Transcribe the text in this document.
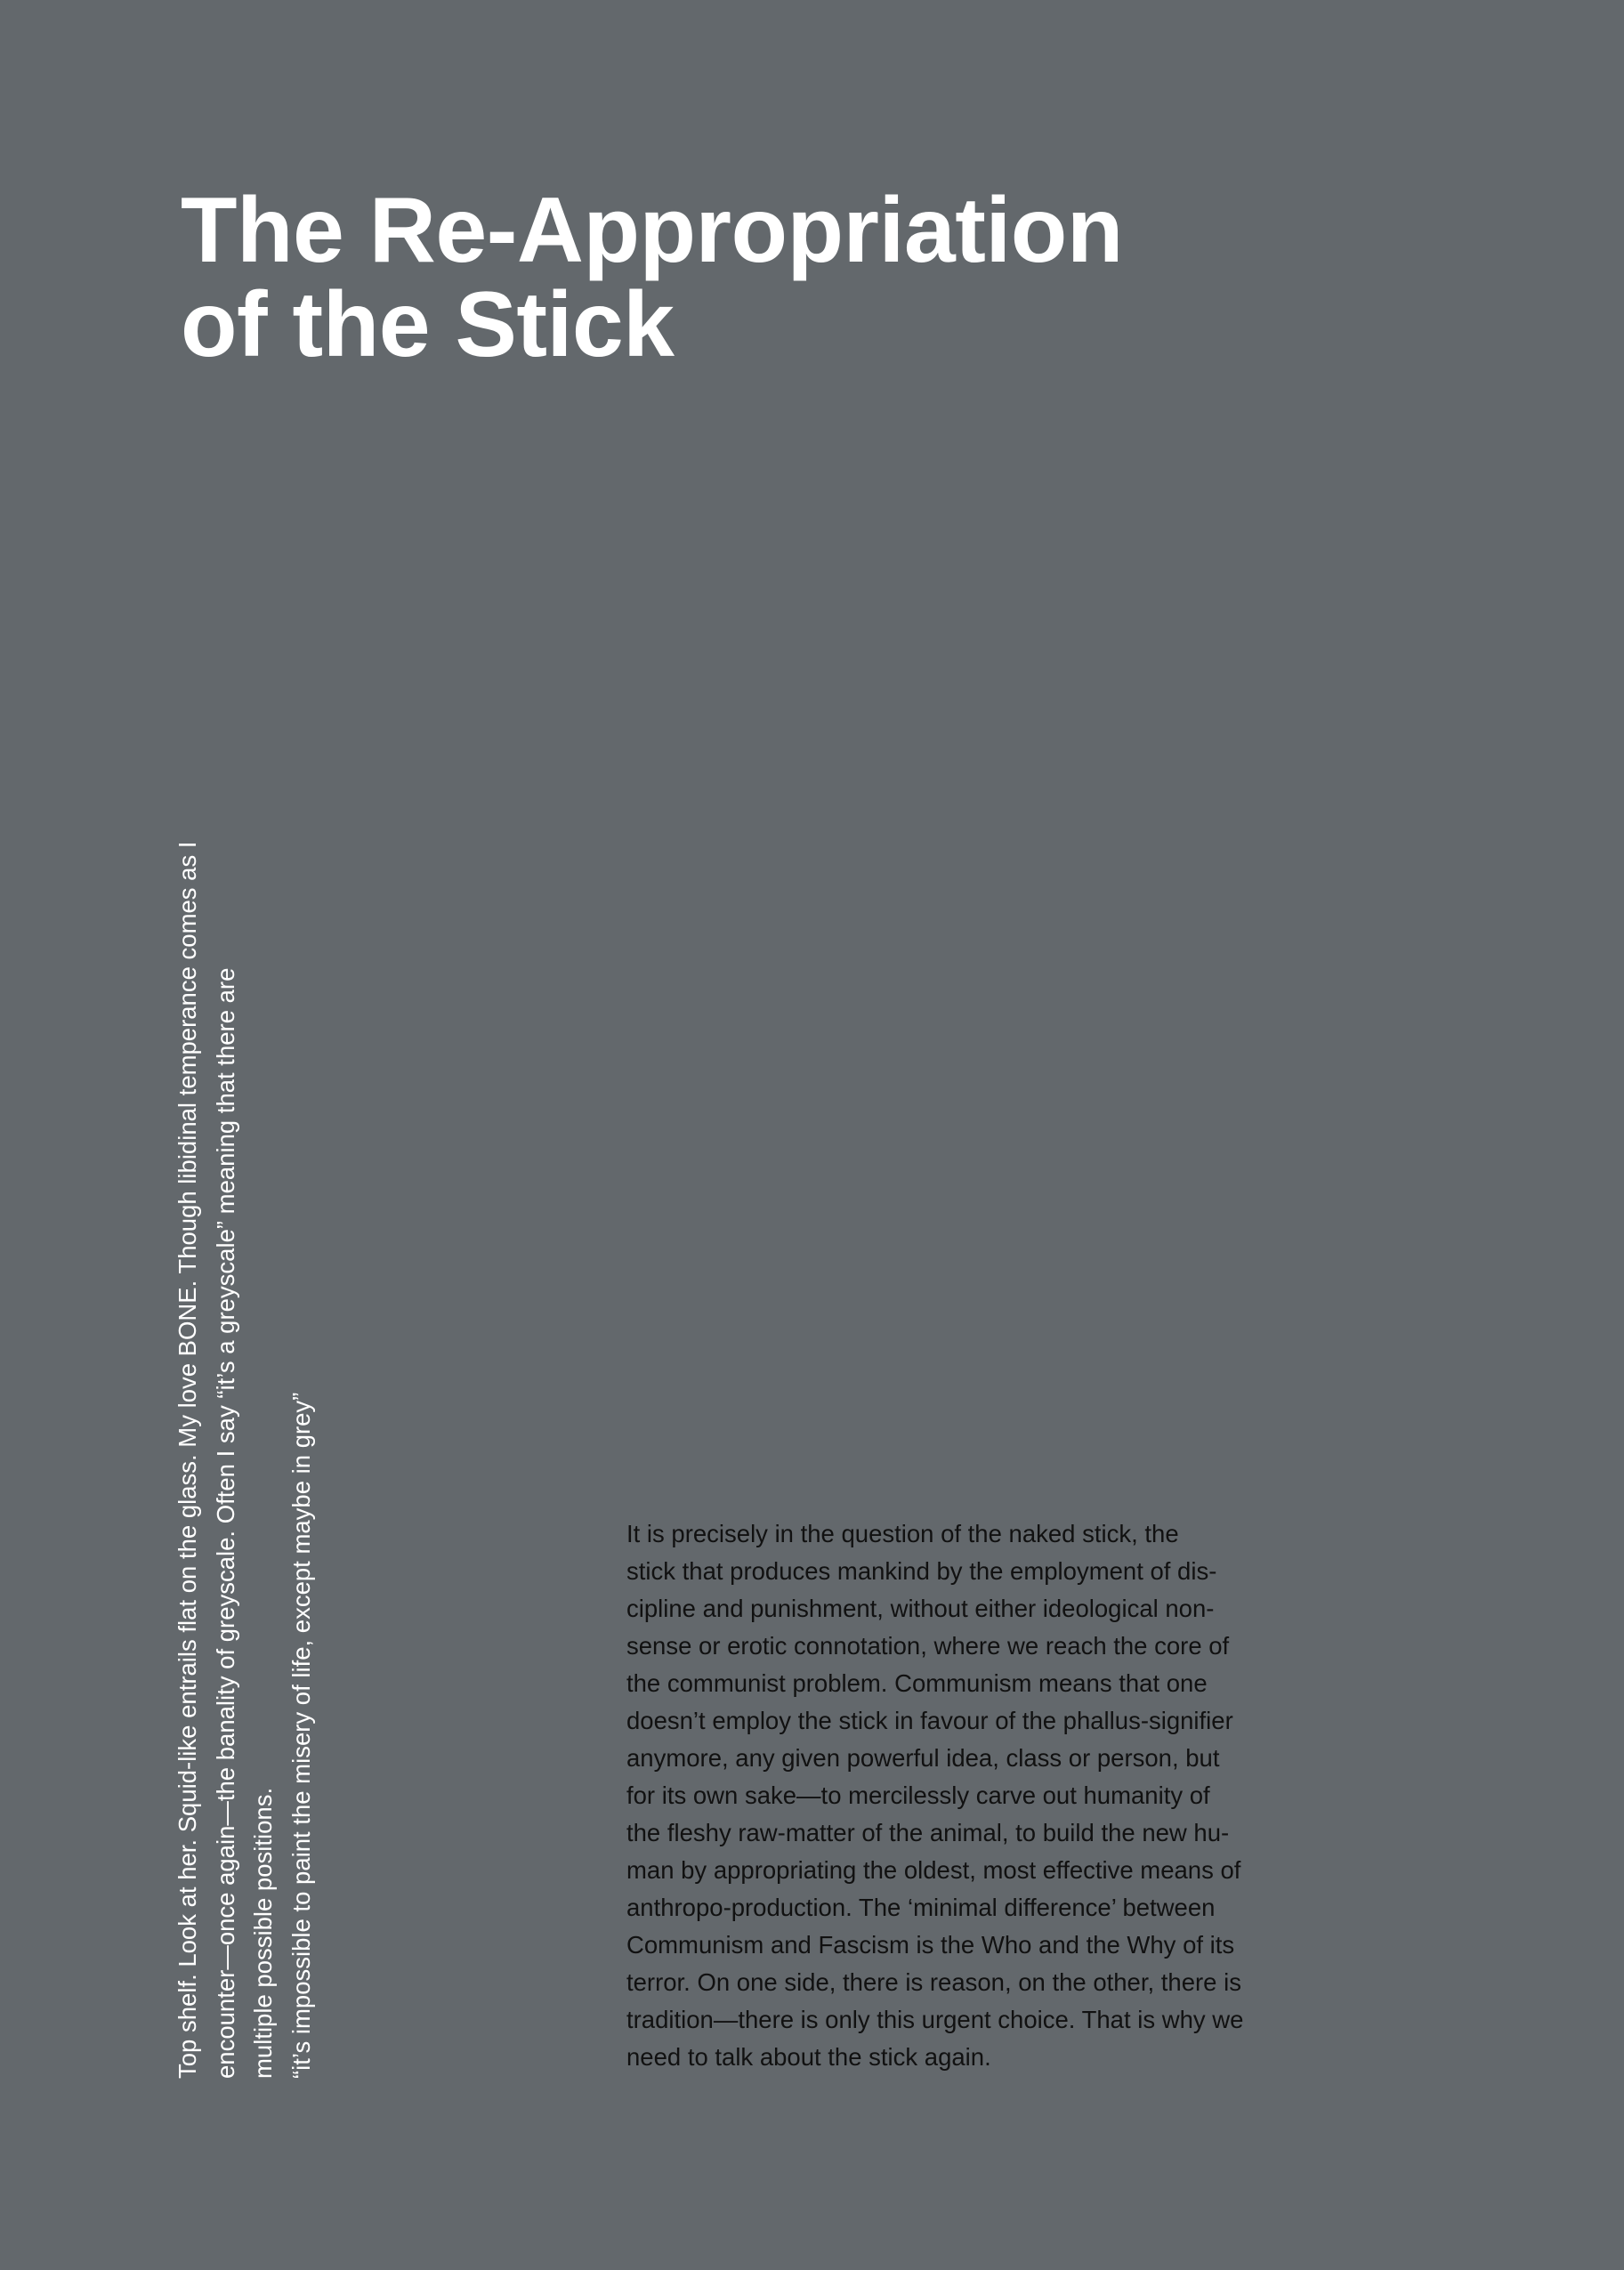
The Re-Appropriation
of the Stick

Top shelf. Look at her. Squid-like entrails flat on the glass. My love BONE. Though libidinal temperance comes as I encounter—once again—the banality of greyscale. Often I say “it’s a greyscale” meaning that there are multiple possible positions. “it’s impossible to paint the misery of life, except maybe in grey”	It is precisely in the question of the naked stick, the
stick that produces mankind by the employment of dis-
cipline and punishment, without either ideological non-
sense or erotic connotation, where we reach the core of
the communist problem. Communism means that one
doesn’t employ the stick in favour of the phallus-signifier
anymore, any given powerful idea, class or person, but
for its own sake—to mercilessly carve out humanity of
the fleshy raw-matter of the animal, to build the new hu-
man by appropriating the oldest, most effective means of
anthropo-production. The ‘minimal difference’ between
Communism and Fascism is the Who and the Why of its
terror. On one side, there is reason, on the other, there is
tradition—there is only this urgent choice. That is why we
need to talk about the stick again.
